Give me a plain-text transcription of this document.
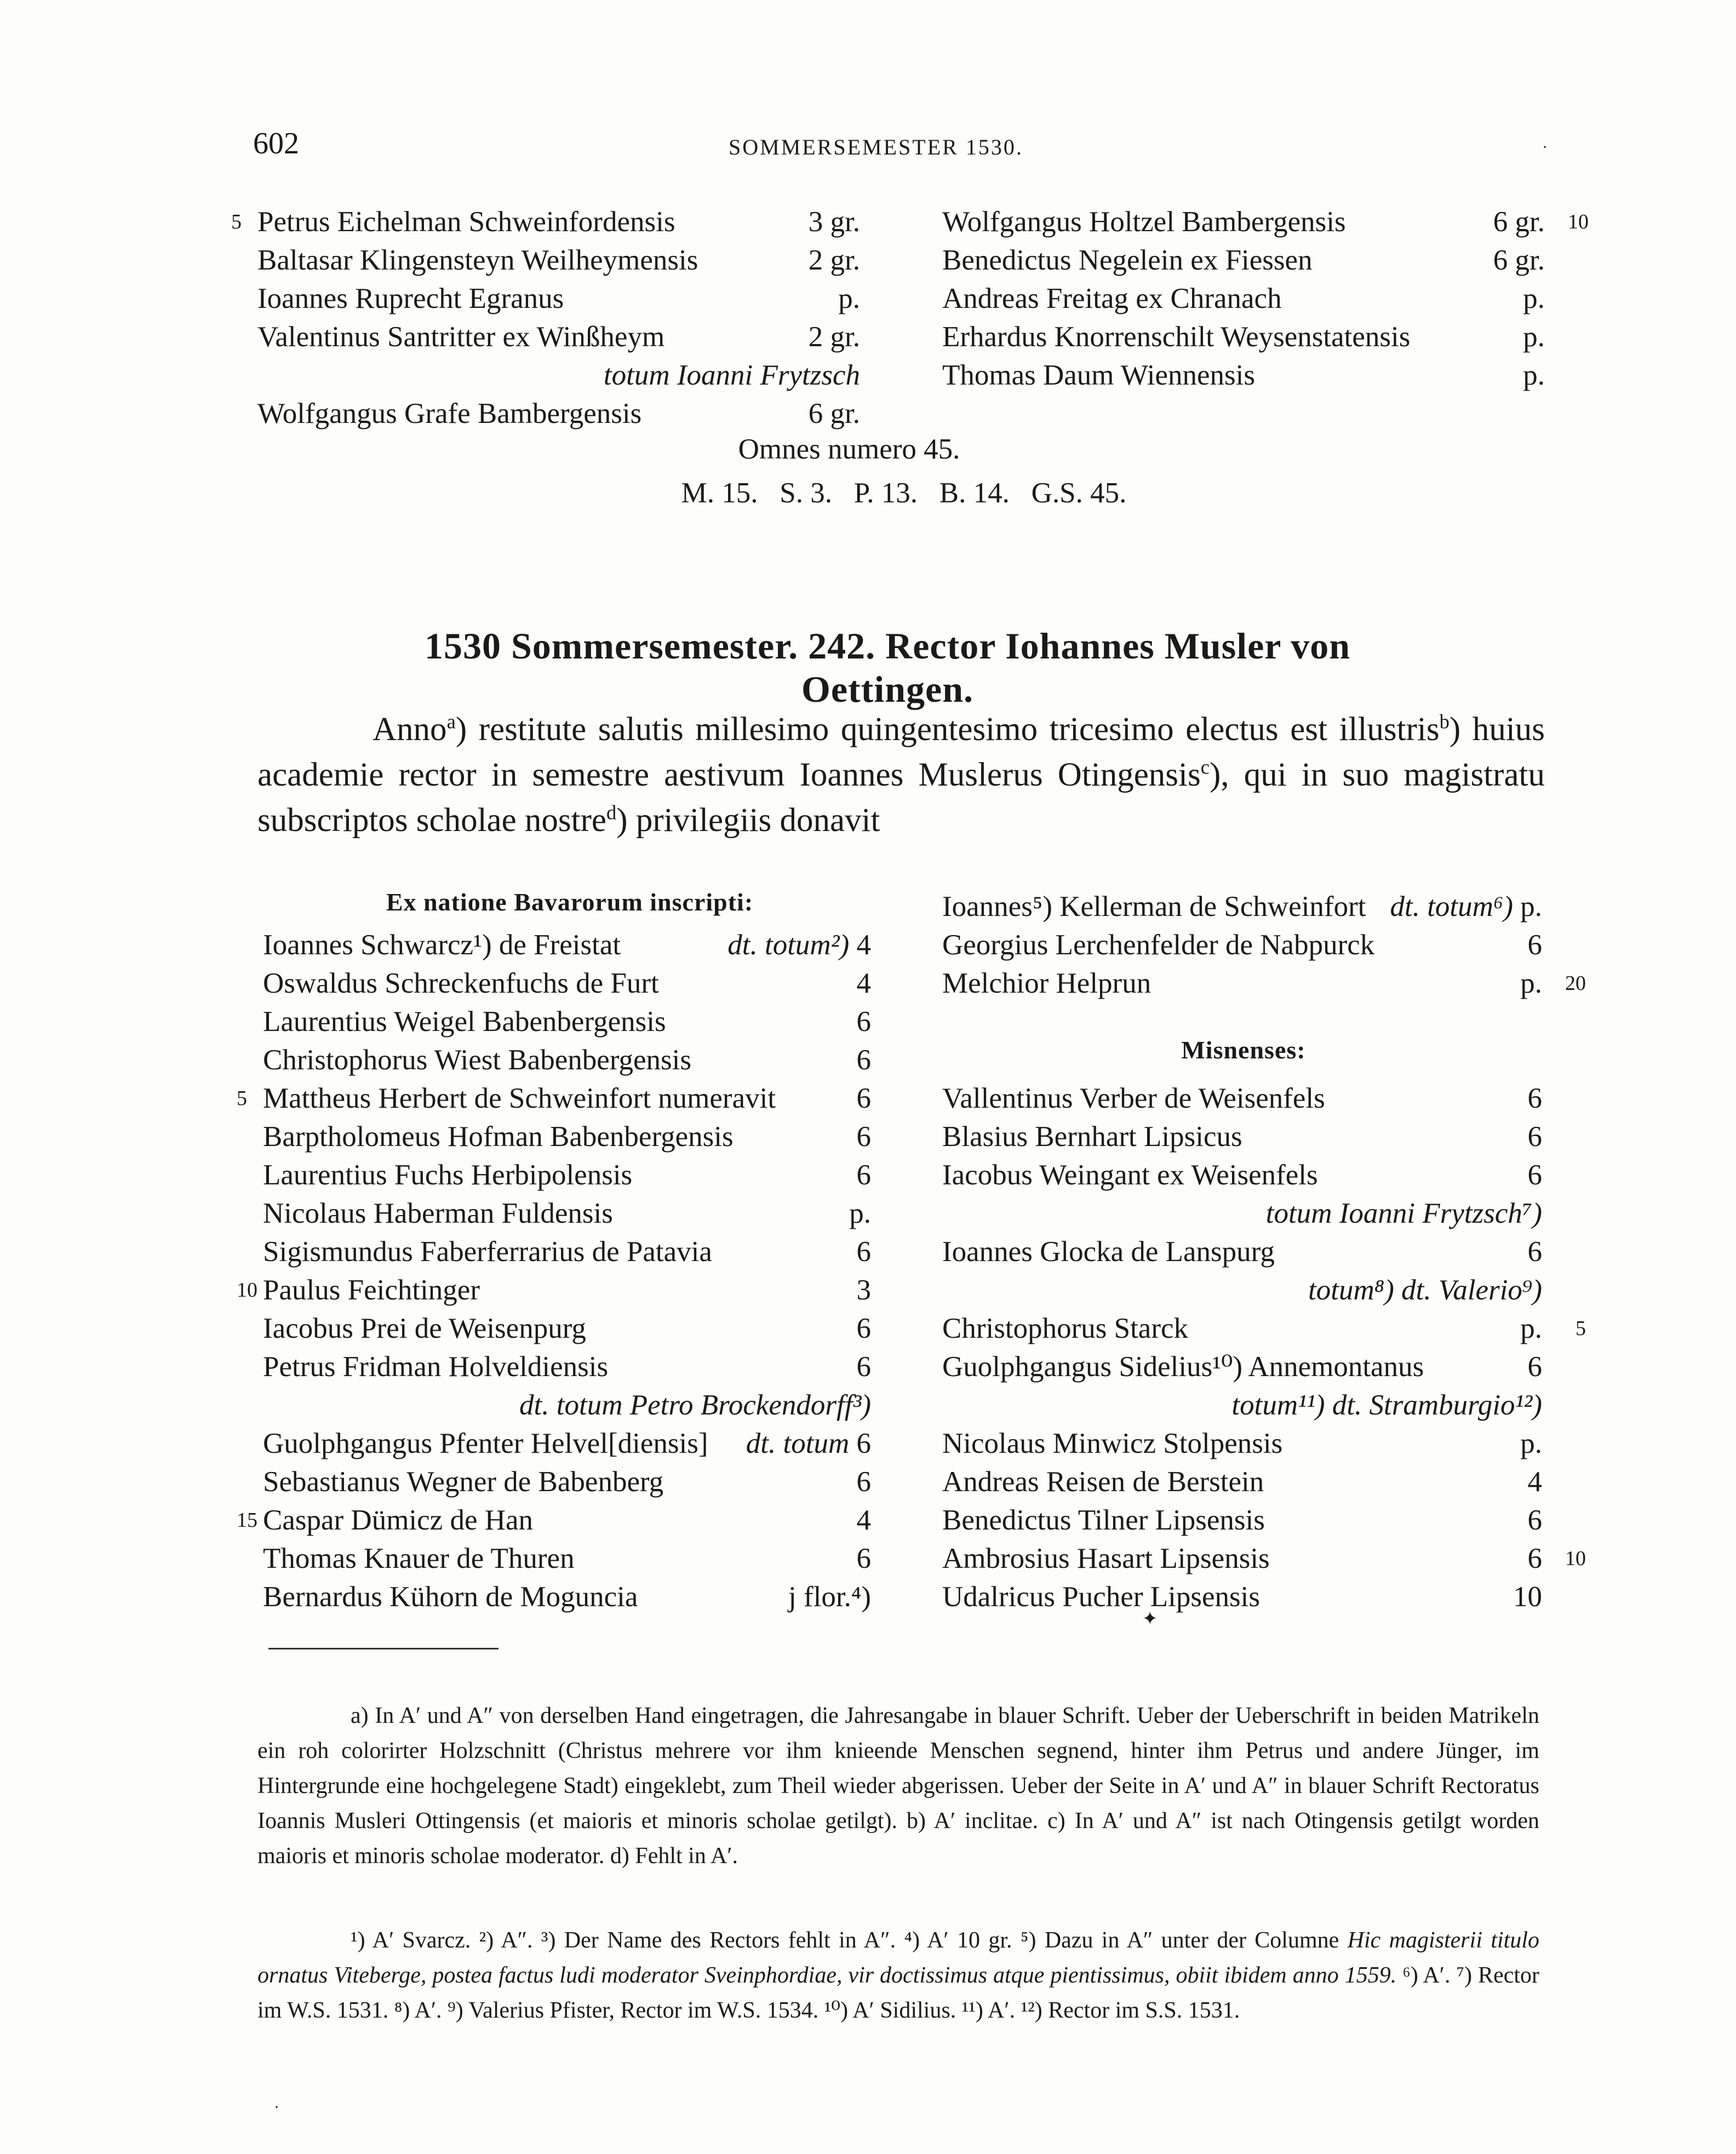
602	SOMMERSEMESTER 1530.	·
Petrus Eichelman Schweinfordensis	3 gr.
5
Baltasar Klingensteyn Weilheymensis	2 gr.
Ioannes Ruprecht Egranus	p.
Valentinus Santritter ex Winßheym	2 gr.
totum Ioanni Frytzsch
Wolfgangus Grafe Bambergensis	6 gr.
Wolfgangus Holtzel Bambergensis	6 gr. 10
Benedictus Negelein ex Fiessen	6 gr.
Andreas Freitag ex Chranach	p.
Erhardus Knorrenschilt Weysenstatensis	p.
Thomas Daum Wiennensis	p.
Omnes numero 45.
M. 15.   S. 3.   P. 13.   B. 14.   G.S. 45.
1530 Sommersemester. 242. Rector Iohannes Musler von Oettingen.
Anno$^a$) restitute salutis millesimo quingentesimo tricesimo electus est illustris$^b$) huius academie rector in semestre aestivum Ioannes Muslerus Otingensis$^c$), qui in suo magistratu subscriptos scholae nostre$^d$) privilegiis donavit
Ex natione Bavarorum inscripti:
Ioannes Schwarcz¹) de Freistat	dt. totum²) 4
Oswaldus Schreckenfuchs de Furt	4
Laurentius Weigel Babenbergensis	6
Christophorus Wiest Babenbergensis	6
Mattheus Herbert de Schweinfort numeravit	6
5
Barptholomeus Hofman Babenbergensis	6
Laurentius Fuchs Herbipolensis	6
Nicolaus Haberman Fuldensis	p.
Sigismundus Faberferrarius de Patavia	6
Paulus Feichtinger	3
10
Iacobus Prei de Weisenpurg	6
Petrus Fridman Holveldiensis	6
dt. totum Petro Brockendorff³)
Guolphgangus Pfenter Helvel[diensis] dt. totum 6
Sebastianus Wegner de Babenberg	6
Caspar Dümicz de Han	4
15
Thomas Knauer de Thuren	6
Bernardus Kühorn de Moguncia	j flor.⁴)
Ioannes⁵) Kellerman de Schweinfort dt. totum⁶) p.
Georgius Lerchenfelder de Nabpurck	6
Melchior Helprun	p. 20
Misnenses:
Vallentinus Verber de Weisenfels	6
Blasius Bernhart Lipsicus	6
Iacobus Weingant ex Weisenfels	6
totum Ioanni Frytzsch⁷)
Ioannes Glocka de Lanspurg	6
totum⁸) dt. Valerio⁹)
Christophorus Starck	p. 5
Guolphgangus Sidelius¹⁰) Annemontanus	6
totum¹¹) dt. Stramburgio¹²)
Nicolaus Minwicz Stolpensis	p.
Andreas Reisen de Berstein	4
Benedictus Tilner Lipsensis	6
Ambrosius Hasart Lipsensis	6 10
Udalricus Pucher Lipsensis	10
✦
a) In A′ und A″ von derselben Hand eingetragen, die Jahresangabe in blauer Schrift. Ueber der Ueberschrift in beiden Matrikeln ein roh colorirter Holzschnitt (Christus mehrere vor ihm knieende Menschen segnend, hinter ihm Petrus und andere Jünger, im Hintergrunde eine hochgelegene Stadt) eingeklebt, zum Theil wieder abgerissen. Ueber der Seite in A′ und A″ in blauer Schrift Rectoratus Ioannis Musleri Ottingensis (et maioris et minoris scholae getilgt). b) A′ inclitae. c) In A′ und A″ ist nach Otingensis getilgt worden maioris et minoris scholae moderator. d) Fehlt in A′.
¹) A′ Svarcz. ²) A″. ³) Der Name des Rectors fehlt in A″. ⁴) A′ 10 gr. ⁵) Dazu in A″ unter der Columne Hic magisterii titulo ornatus Viteberge, postea factus ludi moderator Sveinphordiae, vir doctissimus atque pientissimus, obiit ibidem anno 1559. ⁶) A′. ⁷) Rector im W.S. 1531. ⁸) A′. ⁹) Valerius Pfister, Rector im W.S. 1534. ¹⁰) A′ Sidilius. ¹¹) A′. ¹²) Rector im S.S. 1531.
·
